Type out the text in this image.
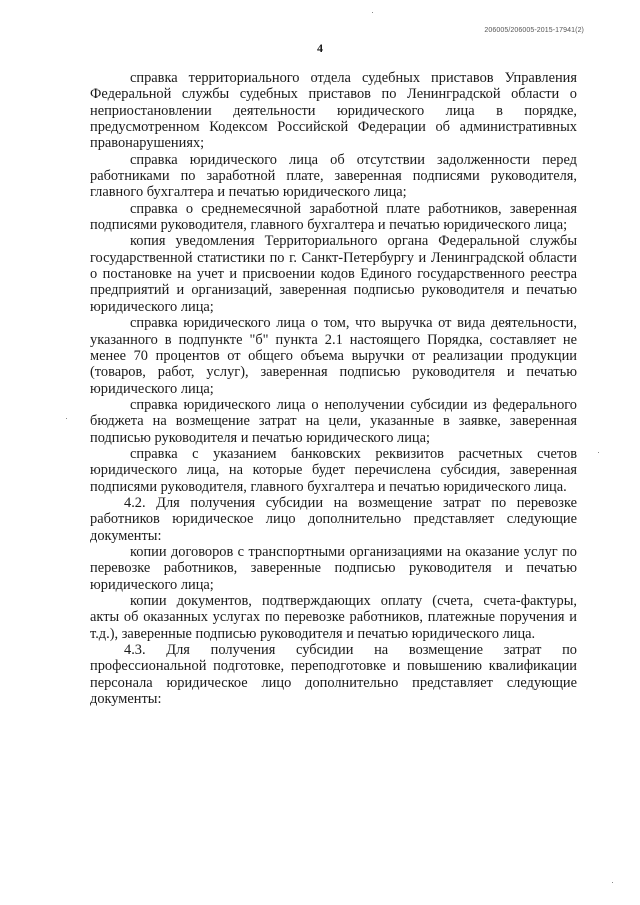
206005/206005-2015-17941(2)
4

справка территориального отдела судебных приставов Управления Федеральной службы судебных приставов по Ленинградской области о неприостановлении деятельности юридического лица в порядке, предусмотренном Кодексом Российской Федерации об административных правонарушениях;

справка юридического лица об отсутствии задолженности перед работниками по заработной плате, заверенная подписями руководителя, главного бухгалтера и печатью юридического лица;

справка о среднемесячной заработной плате работников, заверенная подписями руководителя, главного бухгалтера и печатью юридического лица;

копия уведомления Территориального органа Федеральной службы государственной статистики по г. Санкт-Петербургу и Ленинградской области о постановке на учет и присвоении кодов Единого государственного реестра предприятий и организаций, заверенная подписью руководителя и печатью юридического лица;

справка юридического лица о том, что выручка от вида деятельности, указанного в подпункте "б" пункта 2.1 настоящего Порядка, составляет не менее 70 процентов от общего объема выручки от реализации продукции (товаров, работ, услуг), заверенная подписью руководителя и печатью юридического лица;

справка юридического лица о неполучении субсидии из федерального бюджета на возмещение затрат на цели, указанные в заявке, заверенная подписью руководителя и печатью юридического лица;

справка с указанием банковских реквизитов расчетных счетов юридического лица, на которые будет перечислена субсидия, заверенная подписями руководителя, главного бухгалтера и печатью юридического лица.

4.2. Для получения субсидии на возмещение затрат по перевозке работников юридическое лицо дополнительно представляет следующие документы:

копии договоров с транспортными организациями на оказание услуг по перевозке работников, заверенные подписью руководителя и печатью юридического лица;

копии документов, подтверждающих оплату (счета, счета-фактуры, акты об оказанных услугах по перевозке работников, платежные поручения и т.д.), заверенные подписью руководителя и печатью юридического лица.

4.3. Для получения субсидии на возмещение затрат по профессиональной подготовке, переподготовке и повышению квалификации персонала юридическое лицо дополнительно представляет следующие документы:
